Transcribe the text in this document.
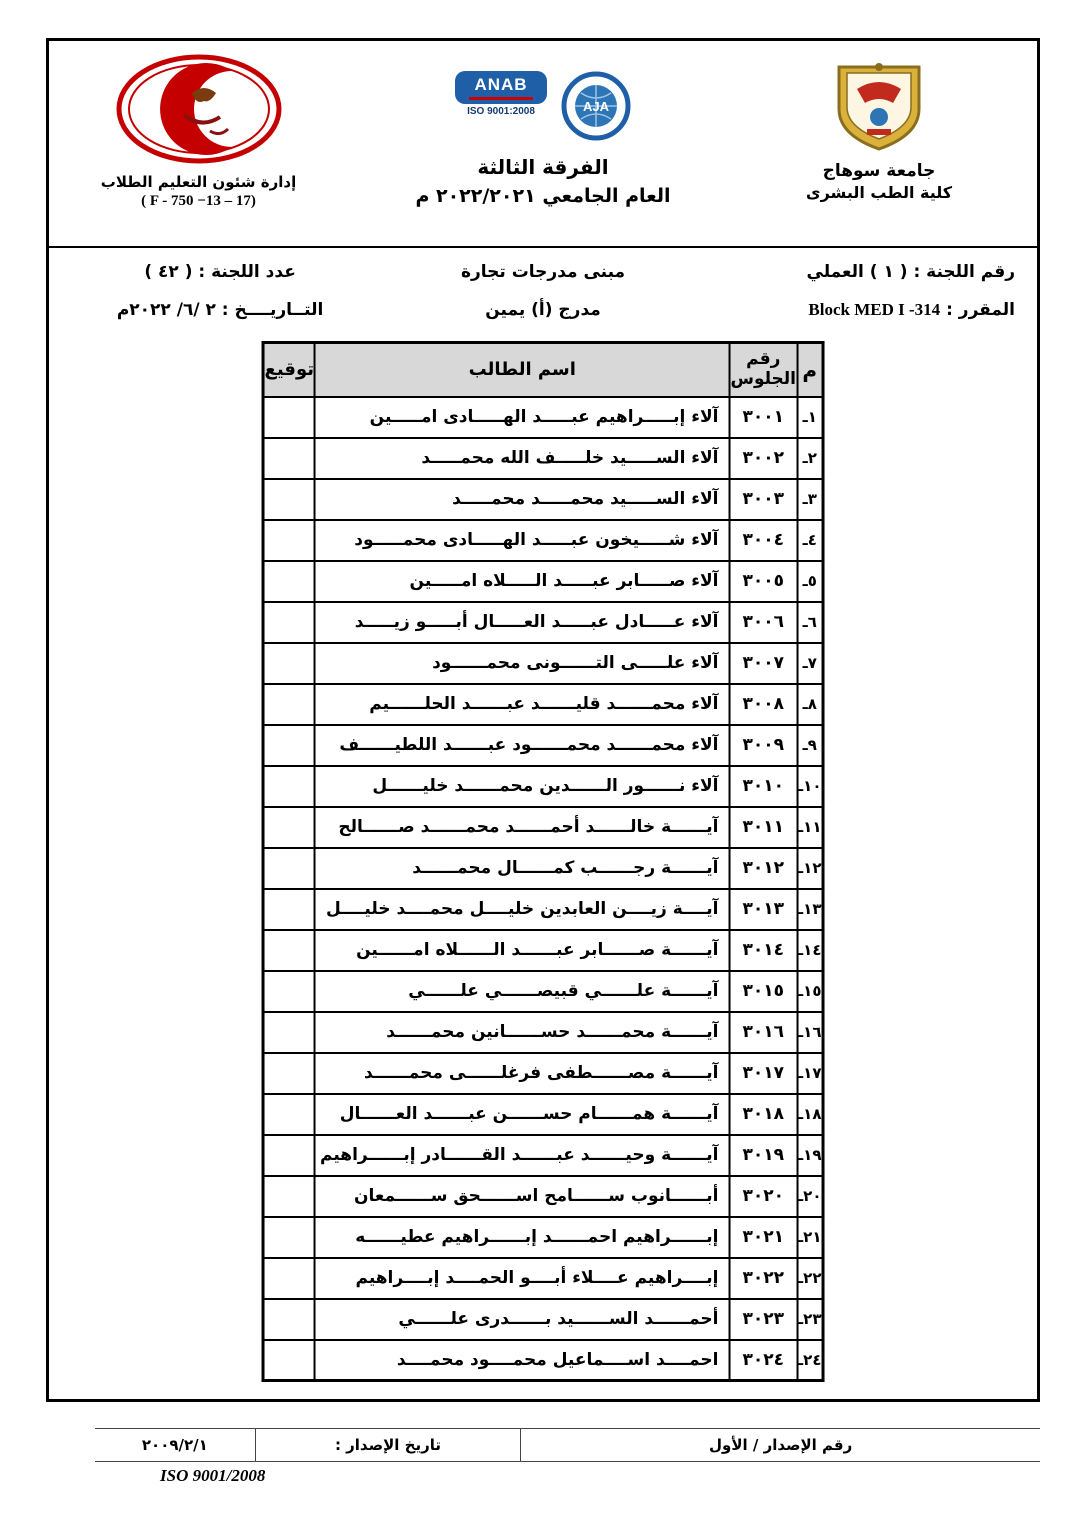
إدارة شئون التعليم الطلاب
( F - 750 −13 – 17)
ANAB
ISO 9001:2008	AJA
الفرقة الثالثة
العام الجامعي ٢٠٢٢/٢٠٢١ م
جامعة سوهاج
كلية الطب البشرى
رقم اللجنة : ( ١ ) العملي
مبنى مدرجات تجارة
عدد اللجنة : ( ٤٢ )
المقرر : Block MED I -314
مدرج (أ) يمين
التــاريــــخ : ٢ /٦/ ٢٠٢٢م
م	رقم الجلوس	اسم الطالب	توقيع
١ـ	٣٠٠١	آلاء إبـــــراهيم عبـــــد الهـــــادى امـــــين	
٢ـ	٣٠٠٢	آلاء الســـــيد خلـــــف الله محمـــــد	
٣ـ	٣٠٠٣	آلاء الســـــيد محمـــــد محمـــــد	
٤ـ	٣٠٠٤	آلاء شـــــيخون عبـــــد الهـــــادى محمـــــود	
٥ـ	٣٠٠٥	آلاء صـــــابر عبـــــد الـــــلاه امـــــين	
٦ـ	٣٠٠٦	آلاء عـــــادل عبـــــد العـــــال أبـــــو زيـــــد	
٧ـ	٣٠٠٧	آلاء علـــــى التــــــونى محمــــــود	
٨ـ	٣٠٠٨	آلاء محمــــــد قليــــــد عبــــــد الحلــــــيم	
٩ـ	٣٠٠٩	آلاء محمــــــد محمــــــود عبــــــد اللطيــــــف	
١٠ـ	٣٠١٠	آلاء نــــــور الــــــدين محمــــــد خليــــــل	
١١ـ	٣٠١١	آيــــــة خالــــــد أحمــــــد محمــــــد صــــــالح	
١٢ـ	٣٠١٢	آيــــــة رجــــــب كمــــــال محمــــــد	
١٣ـ	٣٠١٣	آيــــة زيــــن العابدين خليــــل محمــــد خليــــل	
١٤ـ	٣٠١٤	آيــــــة صــــــابر عبــــــد الــــــلاه امــــــين	
١٥ـ	٣٠١٥	آيــــــة علــــــي قبيصــــــي علــــــي	
١٦ـ	٣٠١٦	آيــــــة محمــــــد حســــــانين محمــــــد	
١٧ـ	٣٠١٧	آيــــــة مصــــــطفى فرغلــــــى محمــــــد	
١٨ـ	٣٠١٨	آيــــــة همــــــام حســــــن عبــــــد العــــــال	
١٩ـ	٣٠١٩	آيــــــة وحيــــــد عبــــــد القــــــادر إبــــــراهيم	
٢٠ـ	٣٠٢٠	أبــــــانوب ســــــامح اســــــحق ســــــمعان	
٢١ـ	٣٠٢١	إبــــــراهيم احمــــــد إبــــــراهيم عطيــــــه	
٢٢ـ	٣٠٢٢	إبــــراهيم عــــلاء أبــــو الحمــــد إبــــراهيم	
٢٣ـ	٣٠٢٣	أحمــــــد الســــــيد بــــــدرى علــــــي	
٢٤ـ	٣٠٢٤	احمــــد اســــماعيل محمــــود محمــــد	
رقم الإصدار / الأول
تاريخ الإصدار :
٢٠٠٩/٢/١
ISO 9001/2008
